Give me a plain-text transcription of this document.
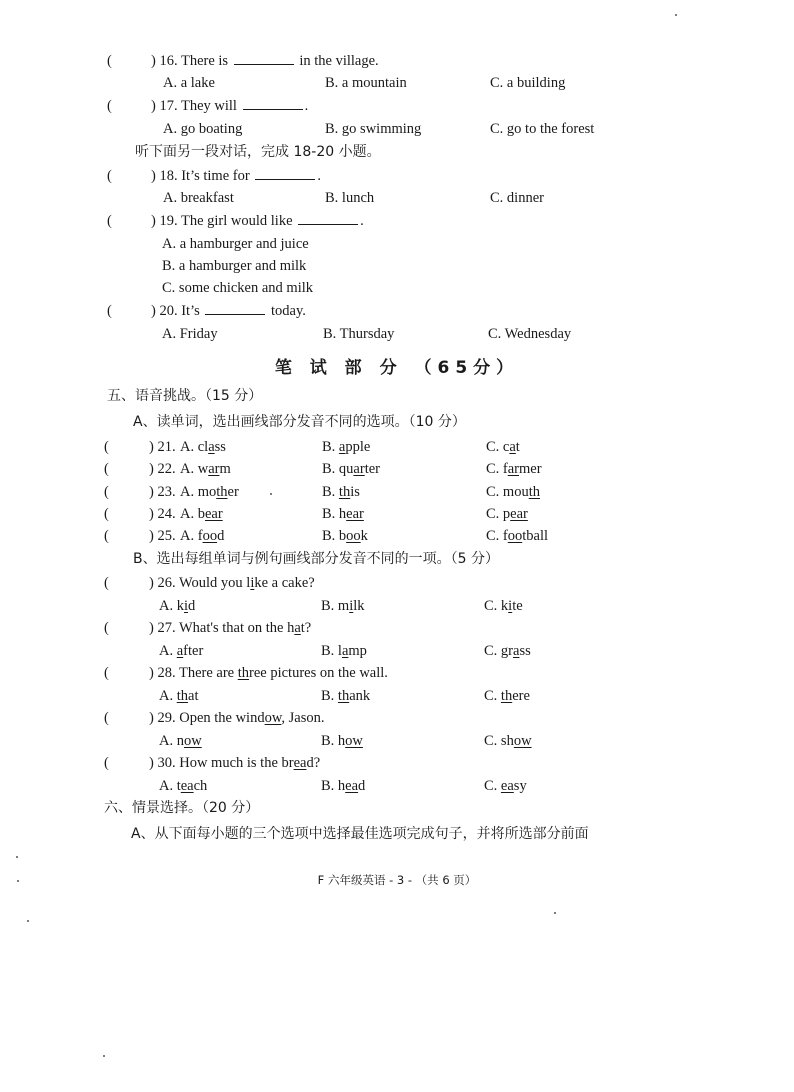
(	) 16. There is	in the village.
A. a lake	B. a mountain	C. a building
(	) 17. They will	.
A. go boating	B. go swimming	C. go to the forest
听下面另一段对话，完成 18-20 小题。
(	) 18. It’s time for	.
A. breakfast	B. lunch	C. dinner
(	) 19. The girl would like	.
A. a hamburger and juice
B. a hamburger and milk
C. some chicken and milk
(	) 20. It’s	today.
A. Friday	B. Thursday	C. Wednesday
笔 试 部 分 （65分）
五、语音挑战。（15 分）
A、读单词，选出画线部分发音不同的选项。（10 分）
(	) 21. A. class	B. apple	C. cat
(	) 22. A. warm	B. quarter	C. farmer
(	) 23. A. mother	B. this	C. mouth
(	) 24. A. bear	B. hear	C. pear
(	) 25. A. food	B. book	C. football
B、选出每组单词与例句画线部分发音不同的一项。（5 分）
(	) 26. Would you like a cake?
A. kid	B. milk	C. kite
(	) 27. What's that on the hat?
A. after	B. lamp	C. grass
(	) 28. There are three pictures on the wall.
A. that	B. thank	C. there
(	) 29. Open the window, Jason.
A. now	B. how	C. show
(	) 30. How much is the bread?
A. teach	B. head	C. easy
六、情景选择。（20 分）
A、从下面每小题的三个选项中选择最佳选项完成句子，并将所选部分前面
F 六年级英语 - 3 - （共 6 页）
